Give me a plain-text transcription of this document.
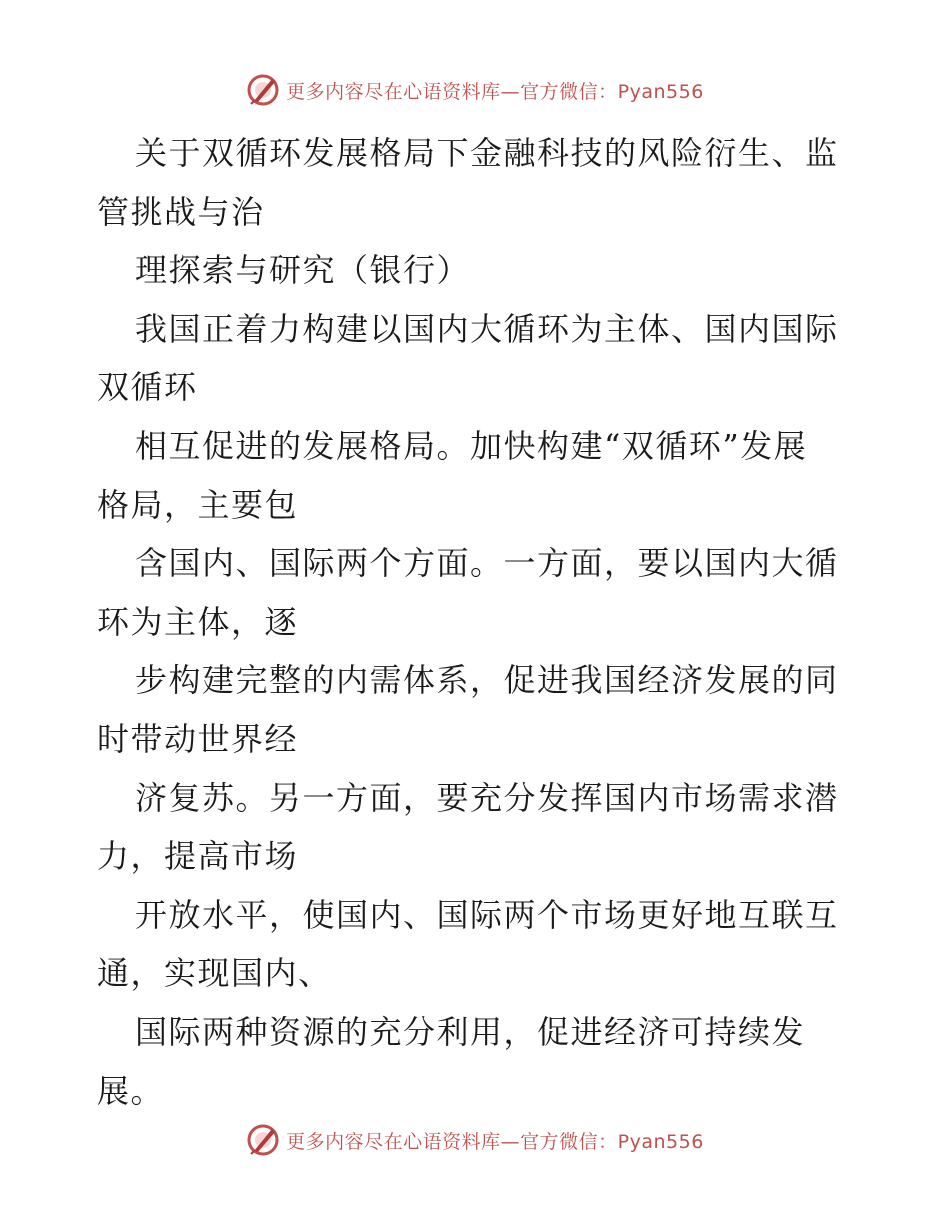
更多内容尽在心语资料库—官方微信：Pyan556
关于双循环发展格局下金融科技的风险衍生、监
管挑战与治
理探索与研究（银行）
我国正着力构建以国内大循环为主体、国内国际
双循环
相互促进的发展格局。加快构建“双循环”发展
格局，主要包
含国内、国际两个方面。一方面，要以国内大循
环为主体，逐
步构建完整的内需体系，促进我国经济发展的同
时带动世界经
济复苏。另一方面，要充分发挥国内市场需求潜
力，提高市场
开放水平，使国内、国际两个市场更好地互联互
通，实现国内、
国际两种资源的充分利用，促进经济可持续发
展。
更多内容尽在心语资料库—官方微信：Pyan556
